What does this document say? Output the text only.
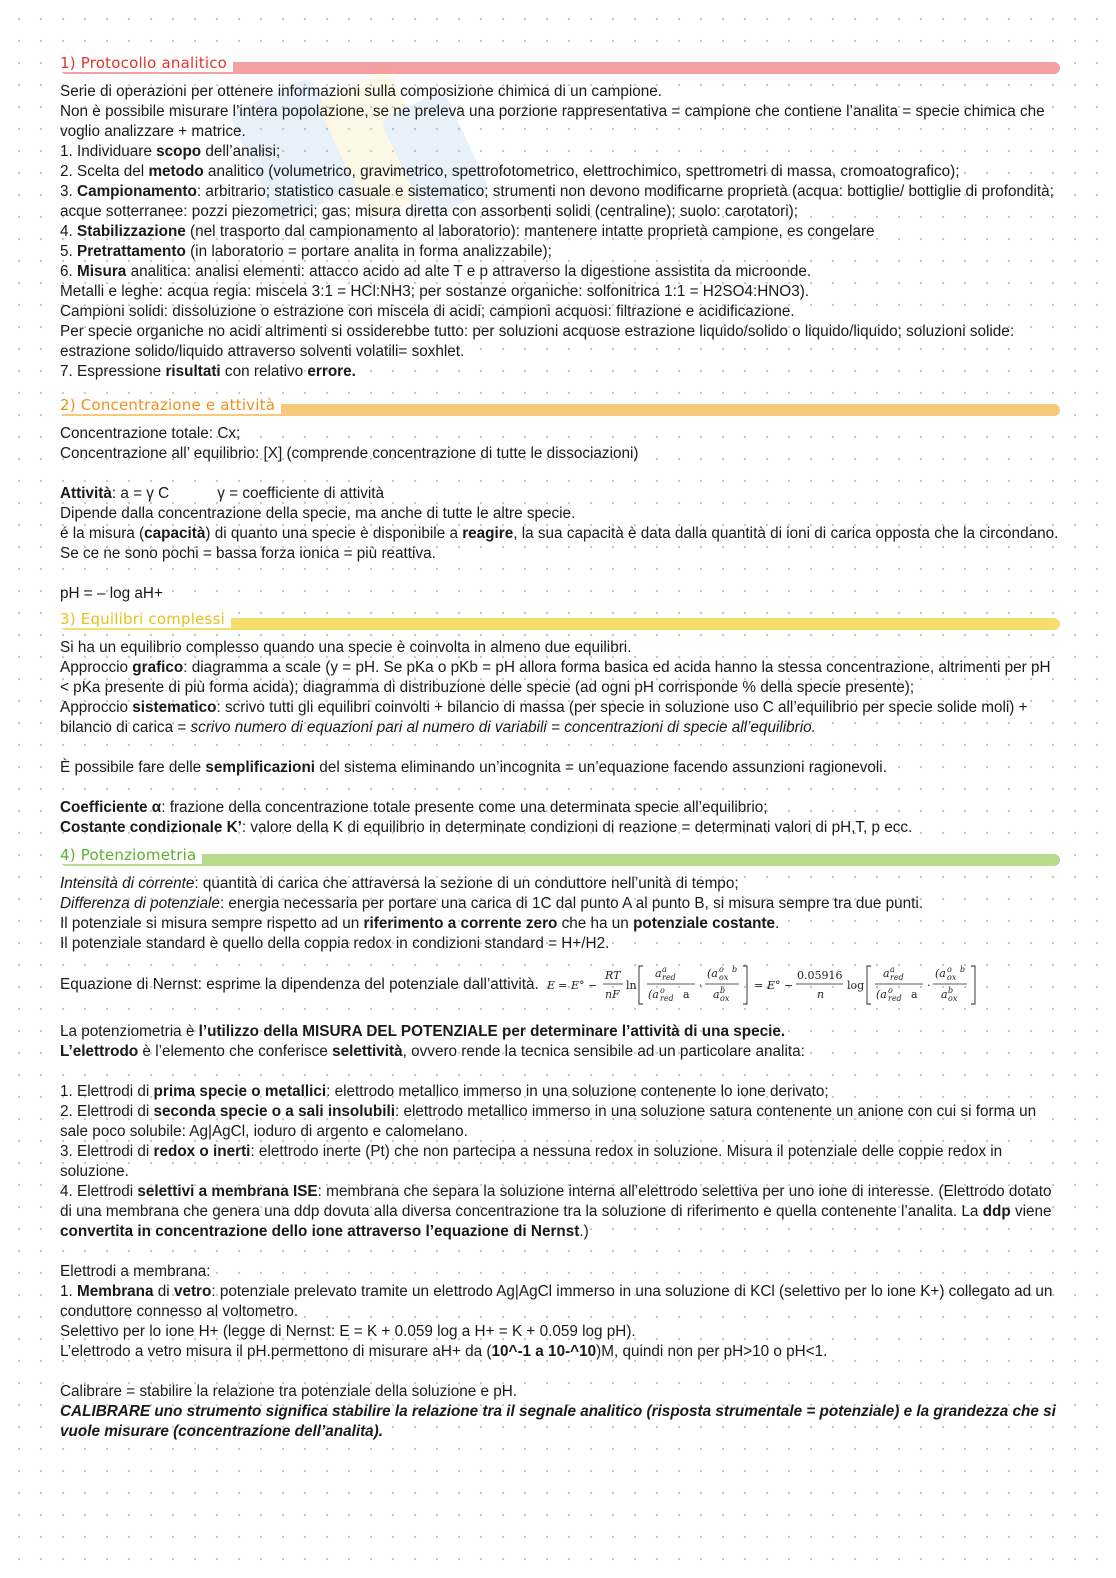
1) Protocollo analitico

Serie di operazioni per ottenere informazioni sulla composizione chimica di un campione.

Non è possibile misurare l’intera popolazione, se ne preleva una porzione rappresentativa = campione che contiene l’analita = specie chimica che voglio analizzare + matrice.

1. Individuare scopo dell’analisi;

2. Scelta del metodo analitico (volumetrico, gravimetrico, spettrofotometrico, elettrochimico, spettrometri di massa, cromoatografico);

3. Campionamento: arbitrario; statistico casuale e sistematico; strumenti non devono modificarne proprietà (acqua: bottiglie/ bottiglie di profondità; acque sotterranee: pozzi piezometrici; gas: misura diretta con assorbenti solidi (centraline); suolo: carotatori);

4. Stabilizzazione (nel trasporto dal campionamento al laboratorio): mantenere intatte proprietà campione, es congelare

5. Pretrattamento (in laboratorio = portare analita in forma analizzabile);

6. Misura analitica: analisi elementi: attacco acido ad alte T e p attraverso la digestione assistita da microonde.

Metalli e leghe: acqua regia: miscela 3:1 = HCl:NH3; per sostanze organiche: solfonitrica 1:1 = H2SO4:HNO3).

Campioni solidi: dissoluzione o estrazione con miscela di acidi; campioni acquosi: filtrazione e acidificazione.

Per specie organiche no acidi altrimenti si ossiderebbe tutto: per soluzioni acquose estrazione liquido/solido o liquido/liquido; soluzioni solide: estrazione solido/liquido attraverso solventi volatili= soxhlet.

7. Espressione risultati con relativo errore.

2) Concentrazione e attività

Concentrazione totale: Cx;

Concentrazione all’ equilibrio: [X] (comprende concentrazione di tutte le dissociazioni)

Attività: a = γ C	γ = coefficiente di attività

Dipende dalla concentrazione della specie, ma anche di tutte le altre specie.

é la misura (capacità) di quanto una specie è disponibile a reagire, la sua capacità è data dalla quantità di ioni di carica opposta che la circondano. Se ce ne sono pochi = bassa forza ionica = più reattiva.

pH = – log aH+

3) Equilibri complessi

Si ha un equilibrio complesso quando una specie è coinvolta in almeno due equilibri.

Approccio grafico: diagramma a scale (y = pH. Se pKa o pKb = pH allora forma basica ed acida hanno la stessa concentrazione, altrimenti per pH < pKa presente di più forma acida); diagramma di distribuzione delle specie (ad ogni pH corrisponde % della specie presente);

Approccio sistematico: scrivo tutti gli equilibri coinvolti + bilancio di massa (per specie in soluzione uso C all’equilibrio per specie solide moli) + bilancio di carica = scrivo numero di equazioni pari al numero di variabili = concentrazioni di specie all’equilibrio.

È possibile fare delle semplificazioni del sistema eliminando un’incognita = un’equazione facendo assunzioni ragionevoli.

Coefficiente α: frazione della concentrazione totale presente come una determinata specie all’equilibrio;

Costante condizionale K’: valore della K di equilibrio in determinate condizioni di reazione = determinati valori di pH,T, p ecc.

4) Potenziometria

Intensità di corrente: quantità di carica che attraversa la sezione di un conduttore nell’unità di tempo;

Differenza di potenziale: energia necessaria per portare una carica di 1C dal punto A al punto B, si misura sempre tra due punti.

Il potenziale si misura sempre rispetto ad un riferimento a corrente zero che ha un potenziale costante.

Il potenziale standard è quello della coppia redox in condizioni standard = H+/H2.

Equazione di Nernst: esprime la dipendenza del potenziale dall’attività. E = E° −
RT
nF
ln
a a
red
(a o
red a
·
(a o
ox
b
a b
ox
= E° −
0.05916
n
log
a a
red
(a o
red a
·
(a o
ox
b
a b
ox

La potenziometria è l’utilizzo della MISURA DEL POTENZIALE per determinare l’attività di una specie.

L’elettrodo è l’elemento che conferisce selettività, ovvero rende la tecnica sensibile ad un particolare analita:

1. Elettrodi di prima specie o metallici: elettrodo metallico immerso in una soluzione contenente lo ione derivato;

2. Elettrodi di seconda specie o a sali insolubili: elettrodo metallico immerso in una soluzione satura contenente un anione con cui si forma un sale poco solubile: Ag|AgCl, ioduro di argento e calomelano.

3. Elettrodi di redox o inerti: elettrodo inerte (Pt) che non partecipa a nessuna redox in soluzione. Misura il potenziale delle coppie redox in soluzione.

4. Elettrodi selettivi a membrana ISE: membrana che separa la soluzione interna all’elettrodo selettiva per uno ione di interesse. (Elettrodo dotato di una membrana che genera una ddp dovuta alla diversa concentrazione tra la soluzione di riferimento e quella contenente l’analita. La ddp viene convertita in concentrazione dello ione attraverso l’equazione di Nernst.)

Elettrodi a membrana:

1. Membrana di vetro: potenziale prelevato tramite un elettrodo Ag|AgCl immerso in una soluzione di KCl (selettivo per lo ione K+) collegato ad un conduttore connesso al voltometro.

Selettivo per lo ione H+ (legge di Nernst: E = K + 0.059 log a H+ = K + 0.059 log pH).

L’elettrodo a vetro misura il pH.permettono di misurare aH+ da (10^-1 a 10-^10)M, quindi non per pH>10 o pH<1.

Calibrare = stabilire la relazione tra potenziale della soluzione e pH.

CALIBRARE uno strumento significa stabilire la relazione tra il segnale analitico (risposta strumentale = potenziale) e la grandezza che si vuole misurare (concentrazione dell’analita).
